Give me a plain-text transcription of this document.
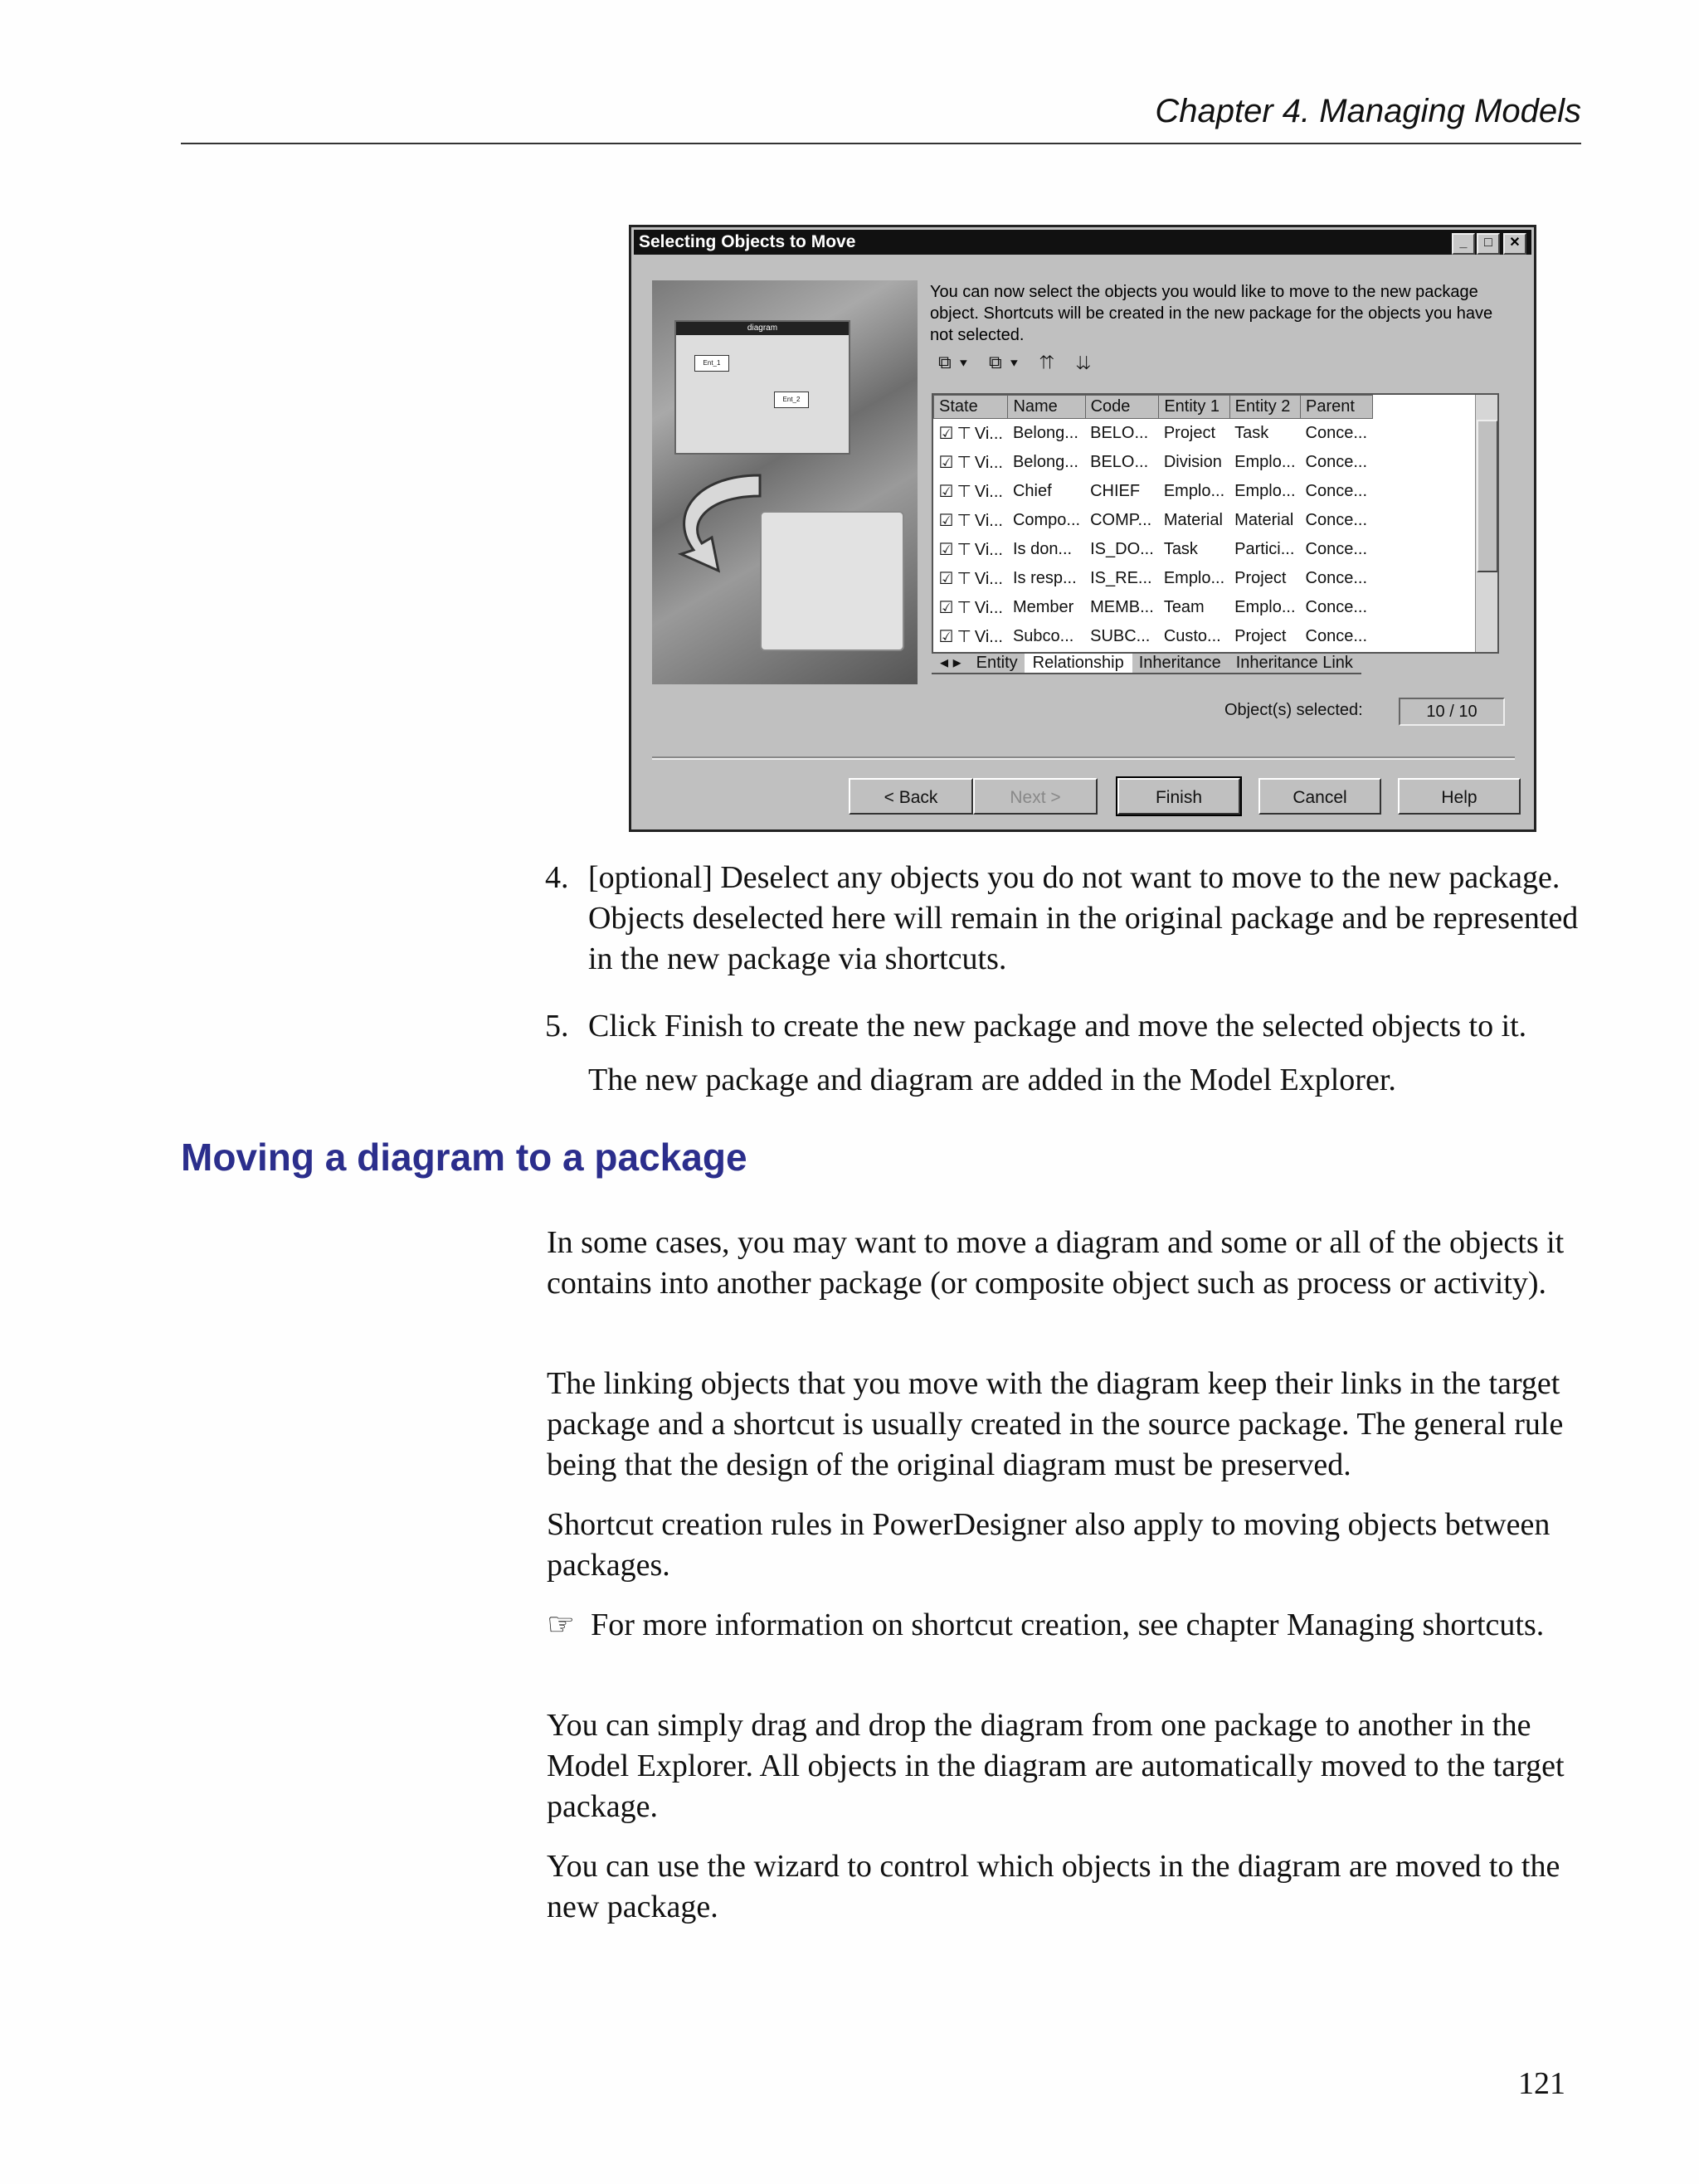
Chapter 4. Managing Models
Selecting Objects to Move	_	□	✕
diagram
Ent_1
Ent_2
You can now select the objects you would like to move to the new package object. Shortcuts will be created in the new package for the objects you have not selected.
⧉▾ ⧉▾ ⇈ ⇊
State	Name	Code	Entity 1	Entity 2	Parent
☑ ⊤ Vi...	Belong...	BELO...	Project	Task	Conce...
☑ ⊤ Vi...	Belong...	BELO...	Division	Emplo...	Conce...
☑ ⊤ Vi...	Chief	CHIEF	Emplo...	Emplo...	Conce...
☑ ⊤ Vi...	Compo...	COMP...	Material	Material	Conce...
☑ ⊤ Vi...	Is don...	IS_DO...	Task	Partici...	Conce...
☑ ⊤ Vi...	Is resp...	IS_RE...	Emplo...	Project	Conce...
☑ ⊤ Vi...	Member	MEMB...	Team	Emplo...	Conce...
☑ ⊤ Vi...	Subco...	SUBC...	Custo...	Project	Conce...
◂ ▸ Entity Relationship Inheritance Inheritance Link
Object(s) selected:	10 / 10
< Back	Next >	Finish	Cancel	Help
4. [optional] Deselect any objects you do not want to move to the new package. Objects deselected here will remain in the original package and be represented in the new package via shortcuts.
5. Click Finish to create the new package and move the selected objects to it.
The new package and diagram are added in the Model Explorer.
Moving a diagram to a package
In some cases, you may want to move a diagram and some or all of the objects it contains into another package (or composite object such as process or activity).
The linking objects that you move with the diagram keep their links in the target package and a shortcut is usually created in the source package. The general rule being that the design of the original diagram must be preserved.
Shortcut creation rules in PowerDesigner also apply to moving objects between packages.
☞ For more information on shortcut creation, see chapter Managing shortcuts.
You can simply drag and drop the diagram from one package to another in the Model Explorer. All objects in the diagram are automatically moved to the target package.
You can use the wizard to control which objects in the diagram are moved to the new package.
121
